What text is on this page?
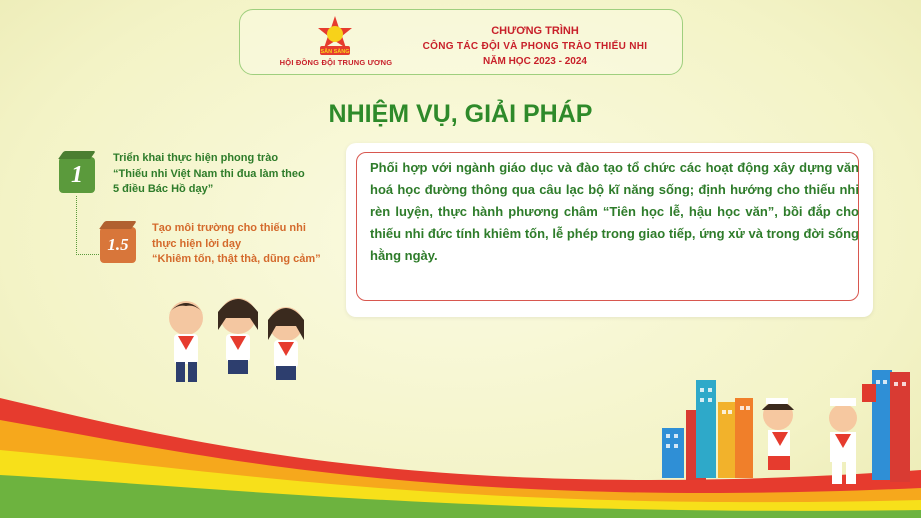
SẴN SÀNG
HỘI ĐỒNG ĐỘI TRUNG ƯƠNG
CHƯƠNG TRÌNH
CÔNG TÁC ĐỘI VÀ PHONG TRÀO THIẾU NHI
NĂM HỌC 2023 - 2024
NHIỆM VỤ, GIẢI PHÁP
1
Triển khai thực hiện phong trào
“Thiếu nhi Việt Nam thi đua làm theo
5 điều Bác Hồ dạy”
1.5
Tạo môi trường cho thiếu nhi
thực hiện lời dạy
“Khiêm tốn, thật thà, dũng cảm”
Phối hợp với ngành giáo dục và đào tạo tổ chức các hoạt động xây dựng văn hoá học đường thông qua câu lạc bộ kĩ năng sống; định hướng cho thiếu nhi rèn luyện, thực hành phương châm “Tiên học lễ, hậu học văn”, bồi đắp cho thiếu nhi đức tính khiêm tốn, lễ phép trong giao tiếp, ứng xử và trong đời sống hằng ngày.
